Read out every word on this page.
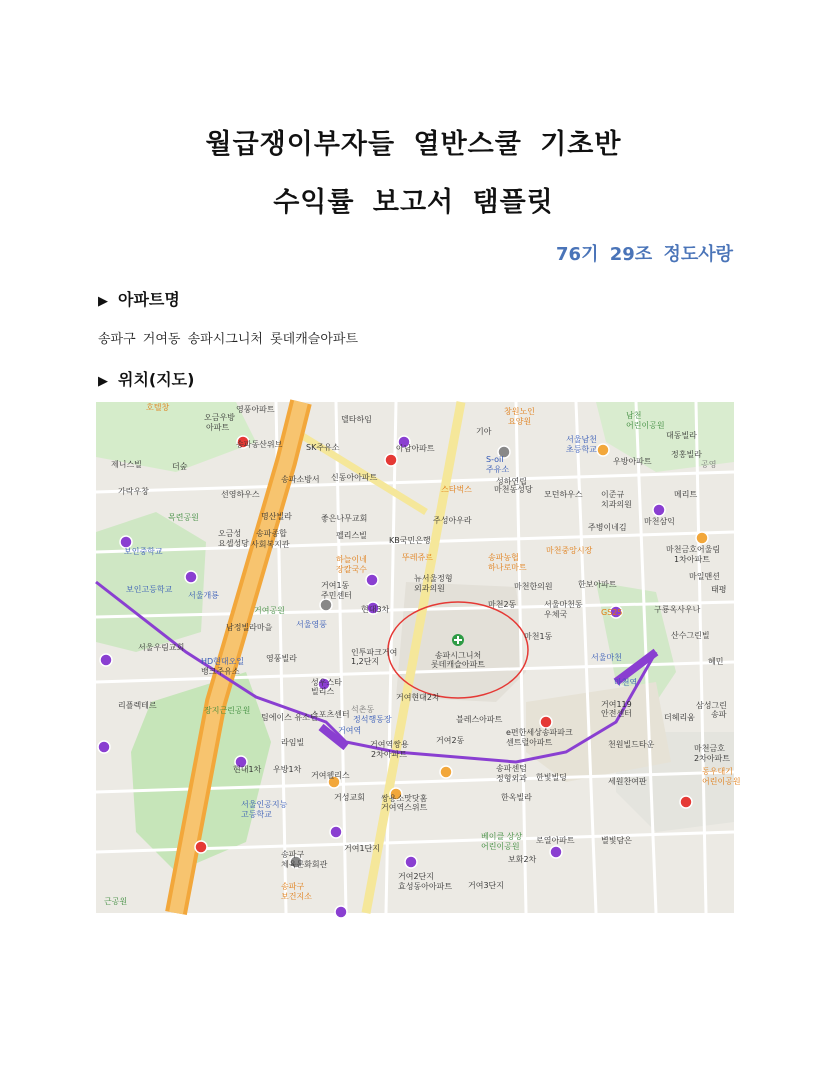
월급쟁이부자들 열반스쿨 기초반
수익률 보고서 탬플릿
76기 29조 정도사랑
▶ 아파트명
송파구 거여동 송파시그니처 롯데캐슬아파트
▶ 위치(지도)
송파시그니처
롯데캐슬아파트
호텔창
오금우방
아파트
영풍아파트
델타하임
기아
창원노인
요양원
남천
어린이공원
대동빌라
송파동산위브	SK주유소	아남아파트
S-oil
주유소
서울남천
초등학교
우방아파트
정홍빌라
제니스빌	더숲
송파소방서 신동아아파트	성하연립
공영
스타벅스	마천동성당
모던하우스 이준규
치과의원
메리트
가락우창	선영하우스
목련공원	명산빌라	좋은나무교회	주성아우라
주병이네김
마천삼익
오금성
요셉성당
송파종합
사회복지관
펠리스빌
KB국민은행
마천중앙시장	마천금호어울림
1차아파트
보인중학교
하늘이네
장칼국수
뚜레쥬르	송파농협
하나로마트
마일맨션
보인고등학교
서울개룡
거여1동
주민센터
뉴서울정형
외과의원	마천한의원	한보아파트
태평
거여공원	현대3차
마천2동	서울마천동
우체국	GS25	구룡옥사우나
남정빌라마을	서울영풍
마천1동	산수그린빌
서울우림교회
HD현대오일
뱅크주유소
영풍빌라
인투파크거여
1,2단지	서울마천	혜민
성우스타
빌리스
거여현대2차
마천역
삼성그린
리플렉테르
장지근린공원
팀에이스 유소년
스포츠센터
석촌동
정석행동장	블레스아파트
거여119
안전센터	더헤리움 송파
라임빌
거여역
거여역쌍용
2차아파트
거여2동
e편한세상송파파크
센트럴아파트	천원빌드타운	마천금호
2차아파트
현대1차 우방1차
거여웰리스
송파센텀
정형외과 한빛빌딩	세원찬여판
동우대기
어린이공원
거성교회
서울인공지능
고등학교
쌍용소맛닷홈
거여역스위트
한옥빌라
베이클 상상
어린이공원
로열아파트	별빛담은
거여1단지
송파구
체육문화회관
보화2차
거여2단지
효성동아아파트 거여3단지
송파구
보건지소
근공원
